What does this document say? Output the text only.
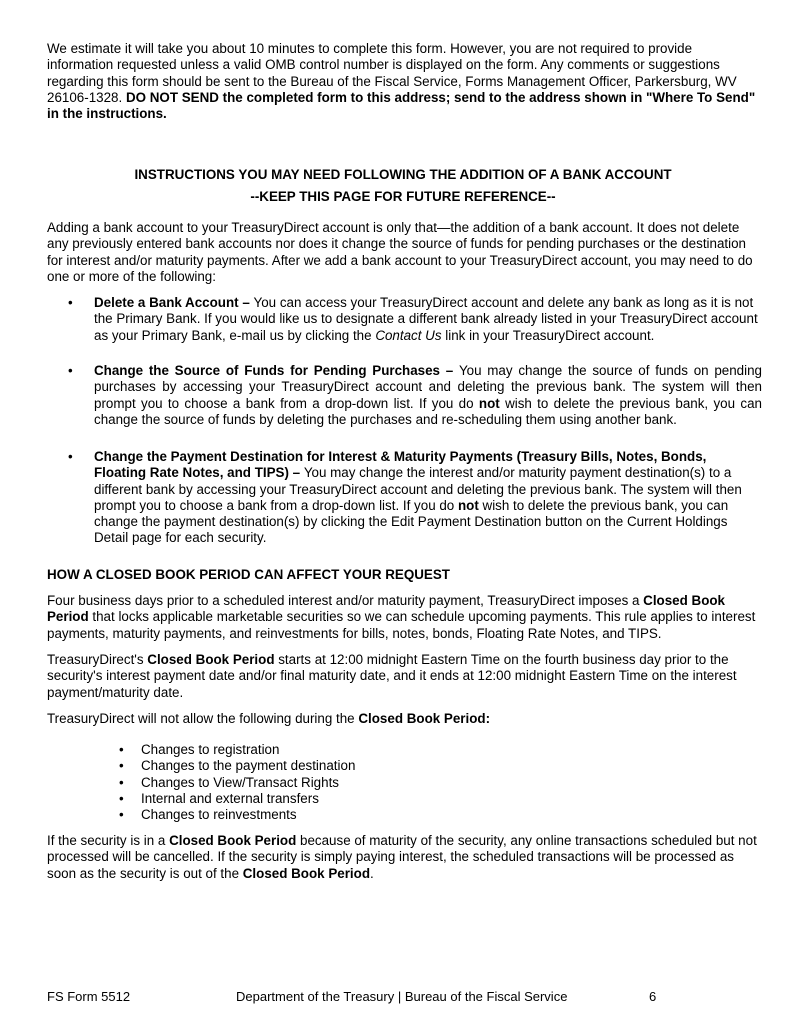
We estimate it will take you about 10 minutes to complete this form. However, you are not required to provide information requested unless a valid OMB control number is displayed on the form. Any comments or suggestions regarding this form should be sent to the Bureau of the Fiscal Service, Forms Management Officer, Parkersburg, WV 26106-1328. DO NOT SEND the completed form to this address; send to the address shown in "Where To Send" in the instructions.

INSTRUCTIONS YOU MAY NEED FOLLOWING THE ADDITION OF A BANK ACCOUNT

--KEEP THIS PAGE FOR FUTURE REFERENCE--

Adding a bank account to your TreasuryDirect account is only that—the addition of a bank account. It does not delete any previously entered bank accounts nor does it change the source of funds for pending purchases or the destination for interest and/or maturity payments. After we add a bank account to your TreasuryDirect account, you may need to do one or more of the following:

• Delete a Bank Account – You can access your TreasuryDirect account and delete any bank as long as it is not the Primary Bank. If you would like us to designate a different bank already listed in your TreasuryDirect account as your Primary Bank, e-mail us by clicking the Contact Us link in your TreasuryDirect account.
• Change the Source of Funds for Pending Purchases – You may change the source of funds on pending purchases by accessing your TreasuryDirect account and deleting the previous bank. The system will then prompt you to choose a bank from a drop-down list. If you do not wish to delete the previous bank, you can change the source of funds by deleting the purchases and re-scheduling them using another bank.
• Change the Payment Destination for Interest & Maturity Payments (Treasury Bills, Notes, Bonds, Floating Rate Notes, and TIPS) – You may change the interest and/or maturity payment destination(s) to a different bank by accessing your TreasuryDirect account and deleting the previous bank. The system will then prompt you to choose a bank from a drop-down list. If you do not wish to delete the previous bank, you can change the payment destination(s) by clicking the Edit Payment Destination button on the Current Holdings Detail page for each security.

HOW A CLOSED BOOK PERIOD CAN AFFECT YOUR REQUEST

Four business days prior to a scheduled interest and/or maturity payment, TreasuryDirect imposes a Closed Book Period that locks applicable marketable securities so we can schedule upcoming payments. This rule applies to interest payments, maturity payments, and reinvestments for bills, notes, bonds, Floating Rate Notes, and TIPS.

TreasuryDirect's Closed Book Period starts at 12:00 midnight Eastern Time on the fourth business day prior to the security's interest payment date and/or final maturity date, and it ends at 12:00 midnight Eastern Time on the interest payment/maturity date.

TreasuryDirect will not allow the following during the Closed Book Period:

• Changes to registration
• Changes to the payment destination
• Changes to View/Transact Rights
• Internal and external transfers
• Changes to reinvestments

If the security is in a Closed Book Period because of maturity of the security, any online transactions scheduled but not processed will be cancelled. If the security is simply paying interest, the scheduled transactions will be processed as soon as the security is out of the Closed Book Period.

FS Form 5512	Department of the Treasury | Bureau of the Fiscal Service	6
